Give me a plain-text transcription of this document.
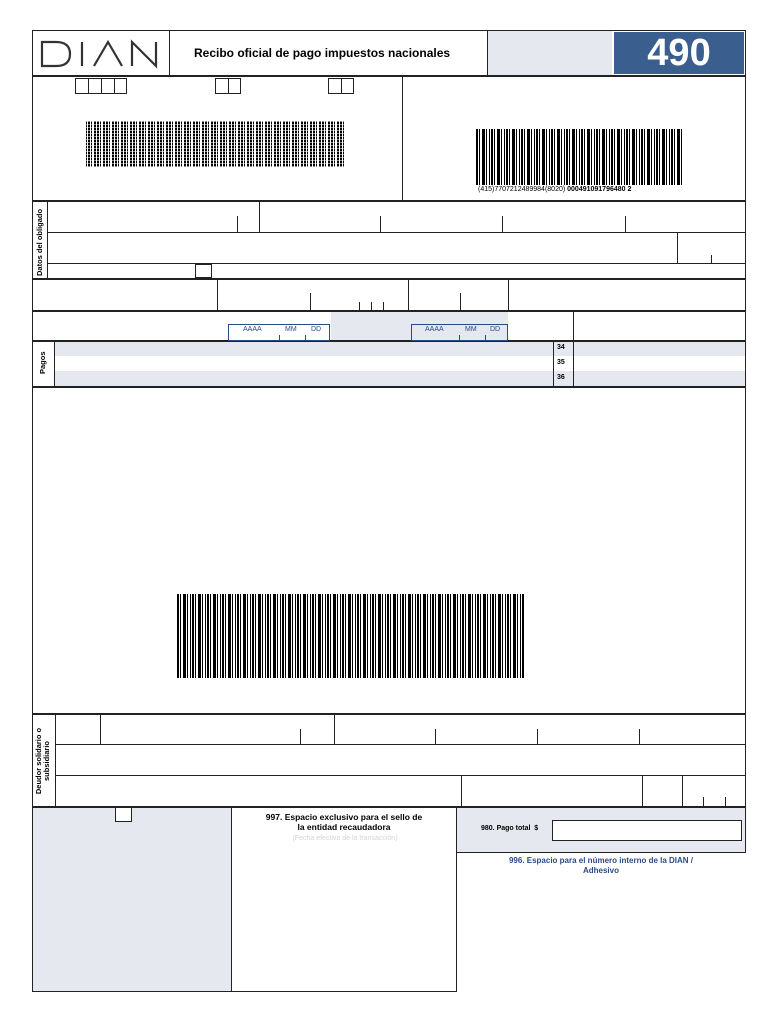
Recibo oficial de pago impuestos nacionales	490
(415)7707212489984(8020) 000491091796480 2
Datos del obligado
AAAA	MM DD	AAAA	MM DD
Pagos
34
35
36
Deudor solidario o subsidiario
997. Espacio exclusivo para el sello de la entidad recaudadora
(Fecha efectiva de la transacción)
980. Pago total  $
996. Espacio para el número interno de la DIAN / Adhesivo
